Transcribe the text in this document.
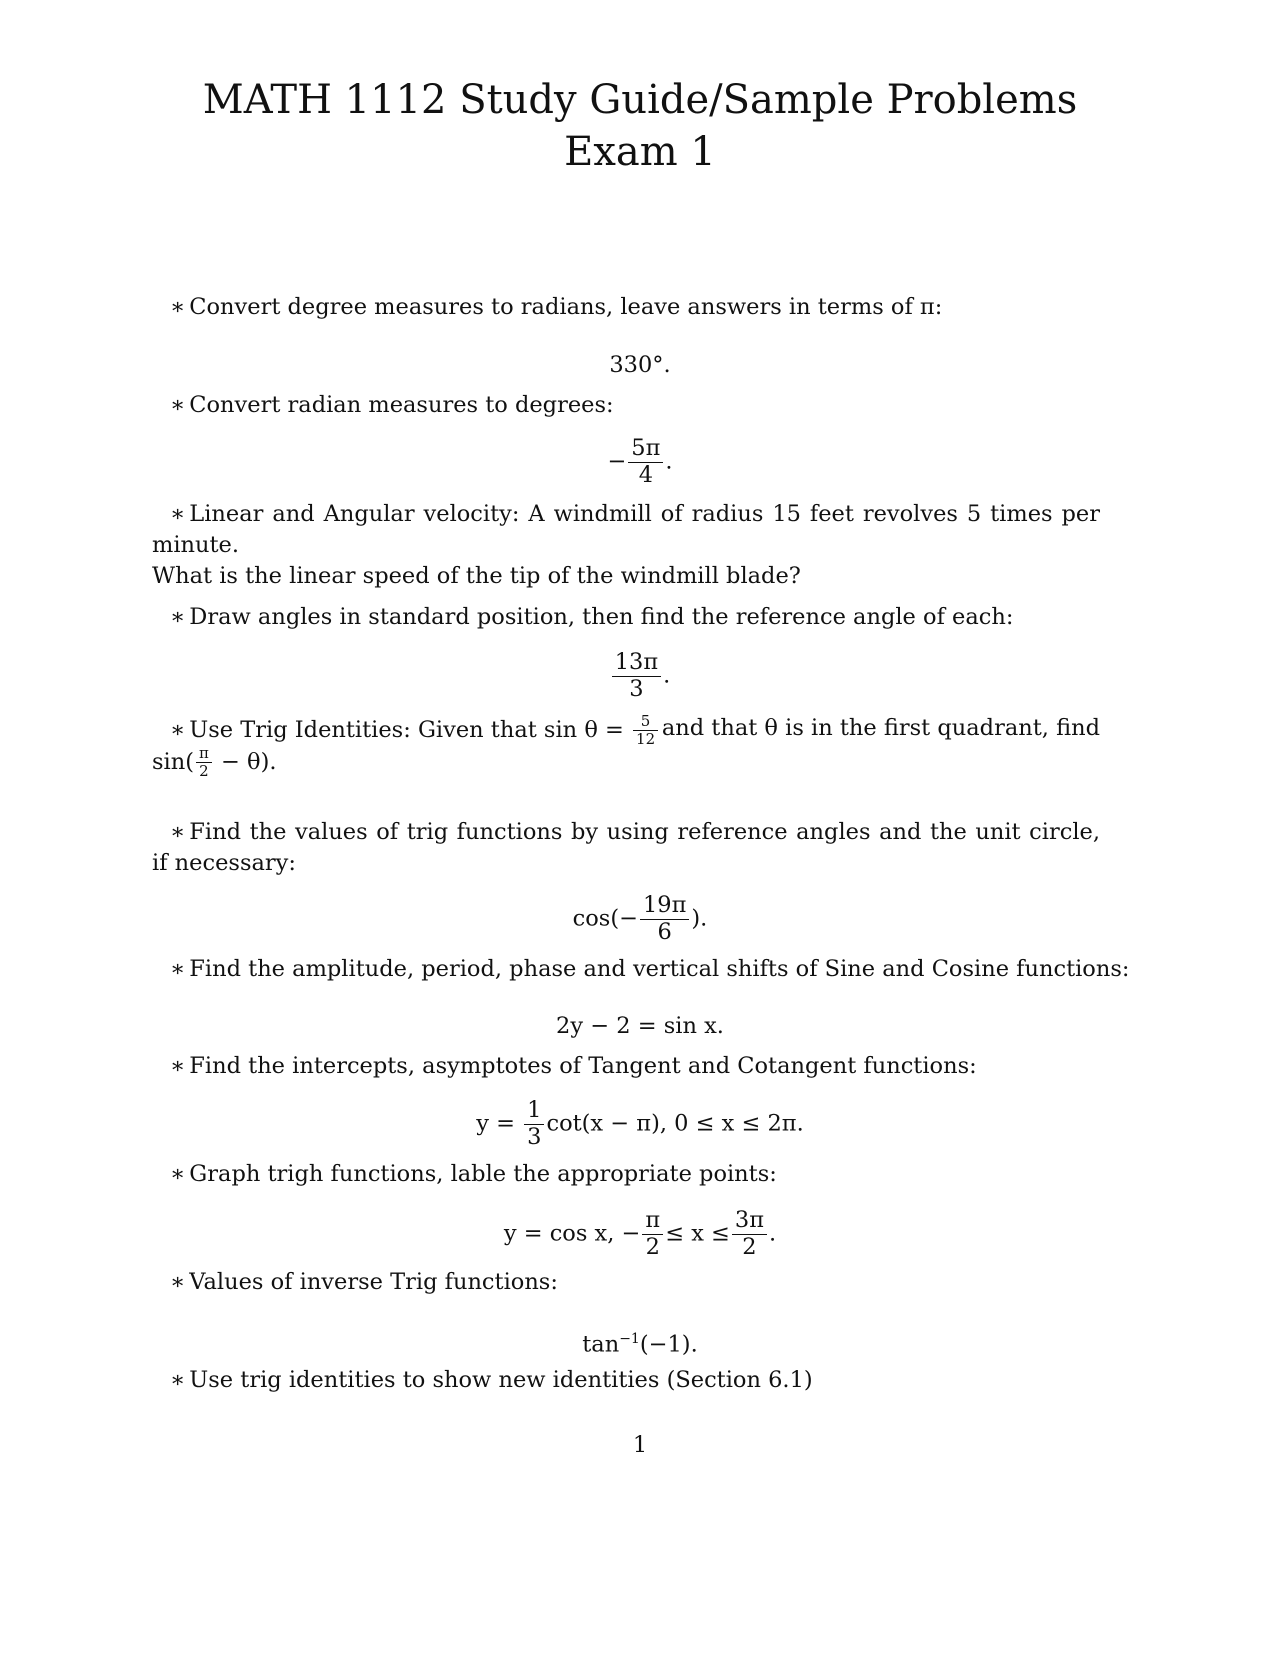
MATH 1112 Study Guide/Sample Problems
Exam 1
∗ Convert degree measures to radians, leave answers in terms of π:
330°.
∗ Convert radian measures to degrees:
− $\frac{5\pi}{4}$ .
∗ Linear and Angular velocity: A windmill of radius 15 feet revolves 5 times per minute.
What is the linear speed of the tip of the windmill blade?
∗ Draw angles in standard position, then find the reference angle of each:
$\frac{13\pi}{3}$ .
∗ Use Trig Identities: Given that $\sin \theta = \frac{5}{12}$ and that θ is in the first quadrant, find
$\sin( \frac{\pi}{2} - \theta)$.
∗ Find the values of trig functions by using reference angles and the unit circle, if necessary:
$\cos(- \frac{19\pi}{6}$ ).
∗ Find the amplitude, period, phase and vertical shifts of Sine and Cosine functions:
2y − 2 = sin x.
∗ Find the intercepts, asymptotes of Tangent and Cotangent functions:
$y = \frac{1}{3} \cot(x - \pi)$, 0 ≤ x ≤ 2π.
∗ Graph trigh functions, lable the appropriate points:
y = cos x, − $\frac{\pi}{2} \le x \le \frac{3\pi}{2}$ .
∗ Values of inverse Trig functions:
$\tan^{-1}(-1)$.
∗ Use trig identities to show new identities (Section 6.1)
1
